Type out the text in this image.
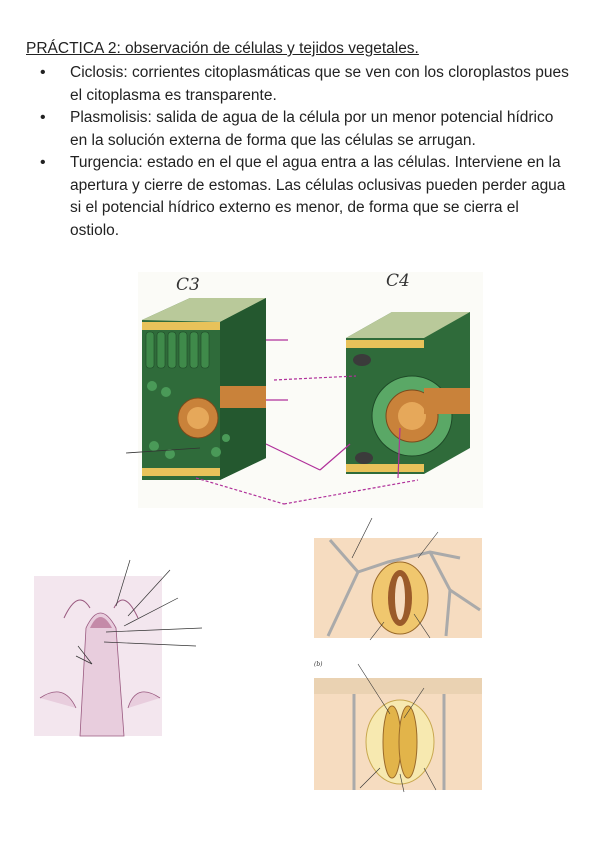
PRÁCTICA 2: observación de células y tejidos vegetales.
• Ciclosis: corrientes citoplasmáticas que se ven con los cloroplastos pues el citoplasma es transparente.
• Plasmolisis: salida de agua de la célula por un menor potencial hídrico en la solución externa de forma que las células se arrugan.
• Turgencia: estado en el que el agua entra a las células. Interviene en la apertura y cierre de estomas. Las células oclusivas pueden perder agua si el potencial hídrico externo es menor, de forma que se cierra el ostiolo.
C3	C4
(b)
